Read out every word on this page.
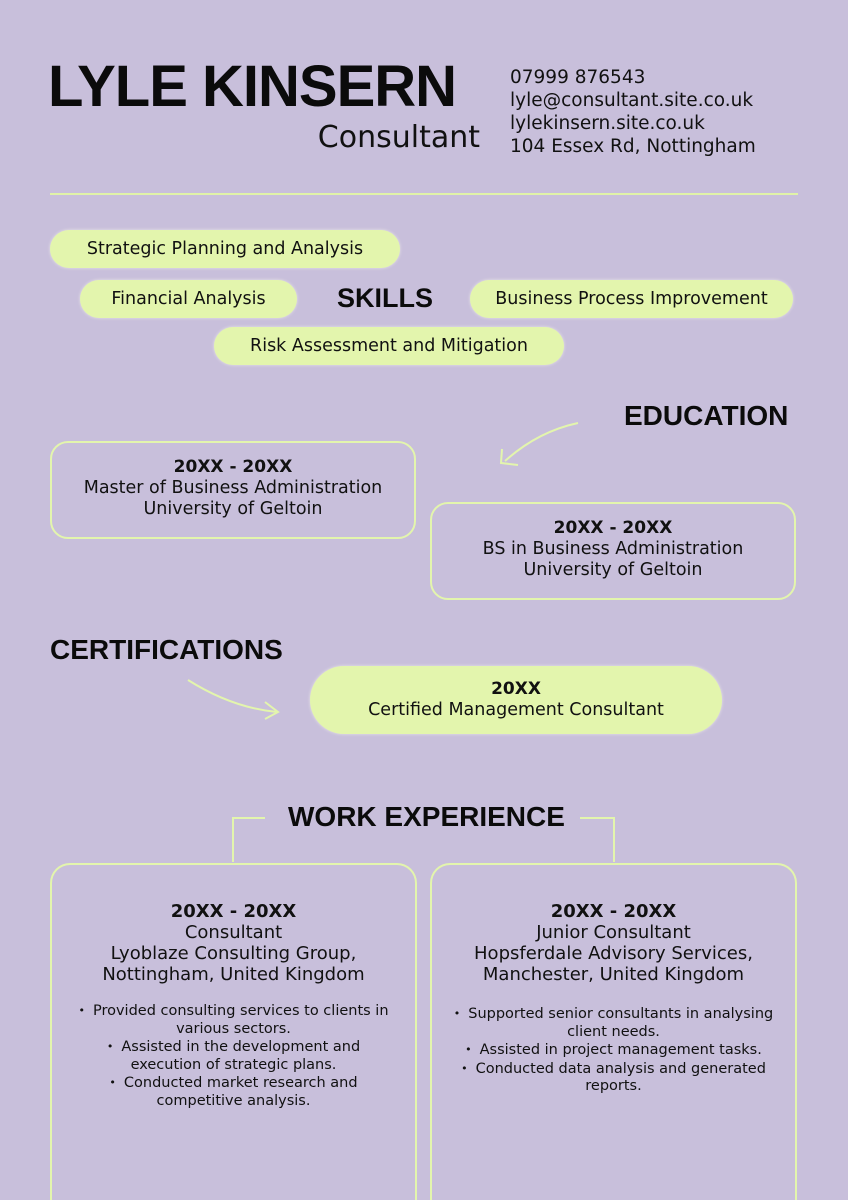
LYLE KINSERN
Consultant
07999 876543
lyle@consultant.site.co.uk
lylekinsern.site.co.uk
104 Essex Rd, Nottingham
Strategic Planning and Analysis
Financial Analysis	SKILLS	Business Process Improvement
Risk Assessment and Mitigation
EDUCATION
20XX - 20XX
Master of Business Administration
University of Geltoin
20XX - 20XX
BS in Business Administration
University of Geltoin
CERTIFICATIONS
20XX
Certified Management Consultant
WORK EXPERIENCE
20XX - 20XX
Consultant
Lyoblaze Consulting Group,
Nottingham, United Kingdom
• Provided consulting services to clients in various sectors.
• Assisted in the development and execution of strategic plans.
• Conducted market research and competitive analysis.
20XX - 20XX
Junior Consultant
Hopsferdale Advisory Services,
Manchester, United Kingdom
• Supported senior consultants in analysing client needs.
• Assisted in project management tasks.
• Conducted data analysis and generated reports.
